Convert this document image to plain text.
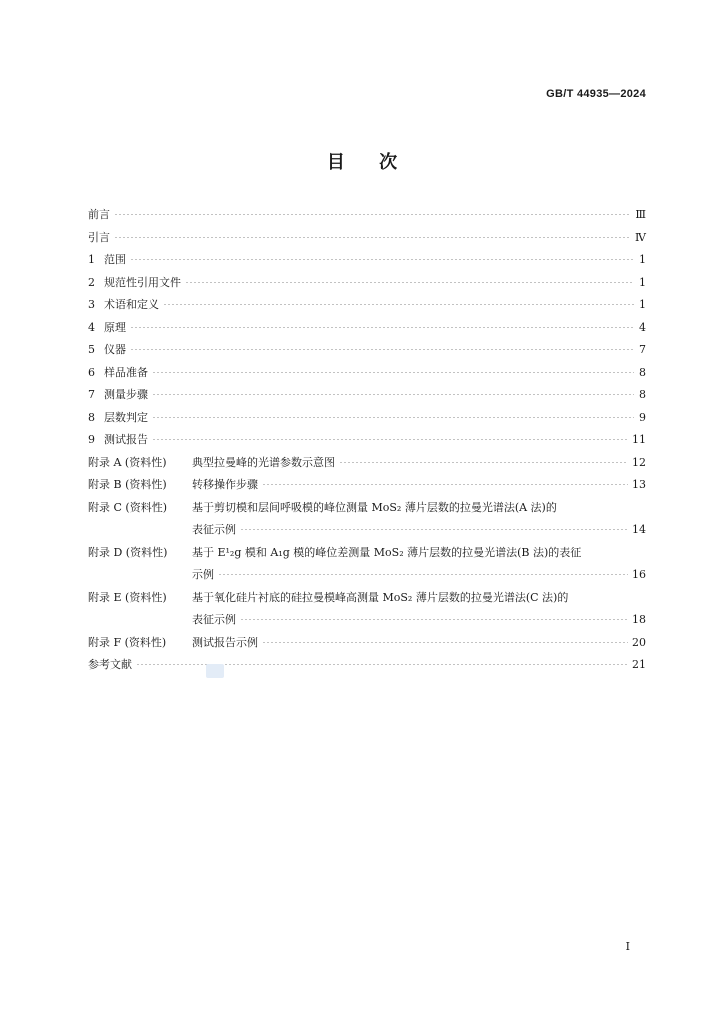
GB/T 44935—2024
目 次
前言	Ⅲ
引言	Ⅳ
1 范围	1
2 规范性引用文件	1
3 术语和定义	1
4 原理	4
5 仪器	7
6 样品准备	8
7 测量步骤	8
8 层数判定	9
9 测试报告	11
附录 A (资料性)	典型拉曼峰的光谱参数示意图	12
附录 B (资料性)	转移操作步骤	13
附录 C (资料性)	基于剪切模和层间呼吸模的峰位测量 MoS₂ 薄片层数的拉曼光谱法(A 法)的
表征示例	14
附录 D (资料性)	基于 E¹₂g 模和 A₁g 模的峰位差测量 MoS₂ 薄片层数的拉曼光谱法(B 法)的表征
示例	16
附录 E (资料性)	基于氧化硅片衬底的硅拉曼模峰高测量 MoS₂ 薄片层数的拉曼光谱法(C 法)的
表征示例	18
附录 F (资料性)	测试报告示例	20
参考文献	21
I
